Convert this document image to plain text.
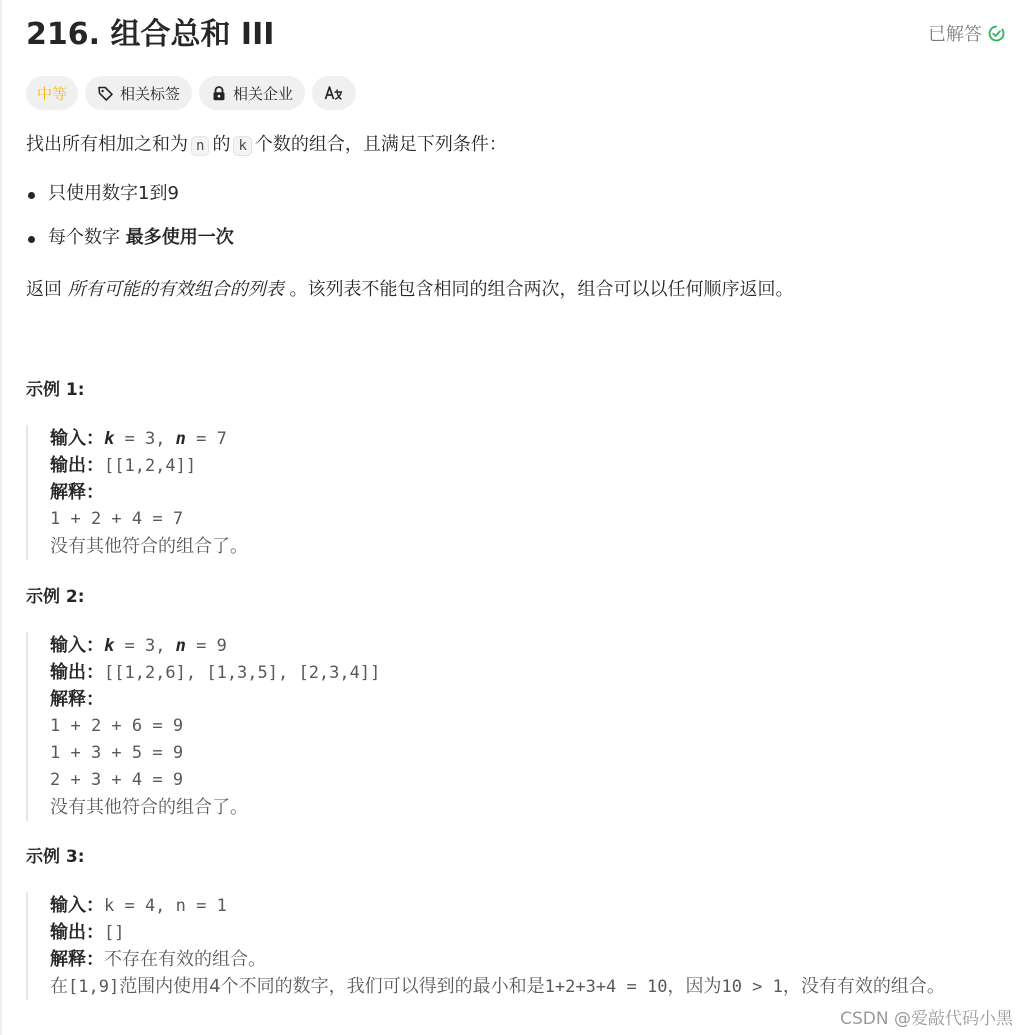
216. 组合总和 III	已解答
中等	相关标签	相关企业
找出所有相加之和为 n 的 k 个数的组合，且满足下列条件：
只使用数字1到9
每个数字 最多使用一次
返回 所有可能的有效组合的列表 。该列表不能包含相同的组合两次，组合可以以任何顺序返回。
示例 1:
输入：k = 3, n = 7
输出：[[1,2,4]]
解释：
1 + 2 + 4 = 7
没有其他符合的组合了。
示例 2:
输入：k = 3, n = 9
输出：[[1,2,6], [1,3,5], [2,3,4]]
解释：
1 + 2 + 6 = 9
1 + 3 + 5 = 9
2 + 3 + 4 = 9
没有其他符合的组合了。
示例 3:
输入：k = 4, n = 1
输出：[]
解释：不存在有效的组合。
在[1,9]范围内使用4个不同的数字，我们可以得到的最小和是1+2+3+4 = 10，因为10 > 1，没有有效的组合。
CSDN @爱敲代码小黑
